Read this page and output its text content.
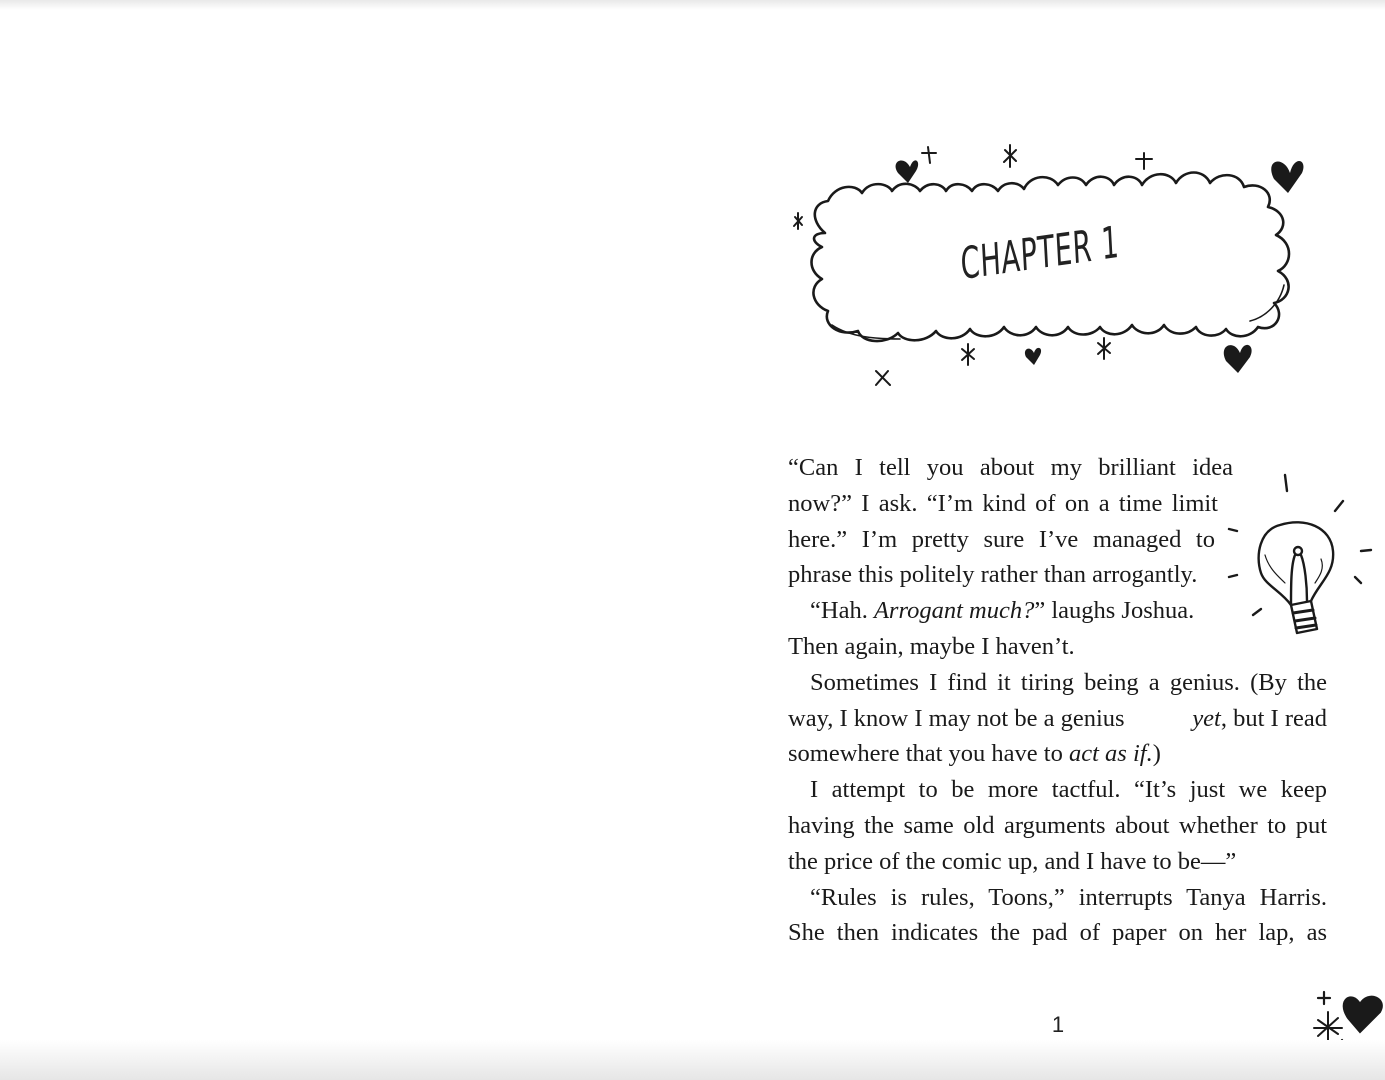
CHAPTER 1
“Can I tell you about my brilliant idea
now?” I ask. “I’m kind of on a time limit
here.” I’m pretty sure I’ve managed to
phrase this politely rather than arrogantly.
“Hah. Arrogant much?” laughs Joshua.
Then again, maybe I haven’t.
Sometimes I find it tiring being a genius. (By the
way, I know I may not be a genius	yet, but I read
somewhere that you have to act as if.)
I attempt to be more tactful. “It’s just we keep
having the same old arguments about whether to put
the price of the comic up, and I have to be—”
“Rules is rules, Toons,” interrupts Tanya Harris.
She then indicates the pad of paper on her lap, as
1
